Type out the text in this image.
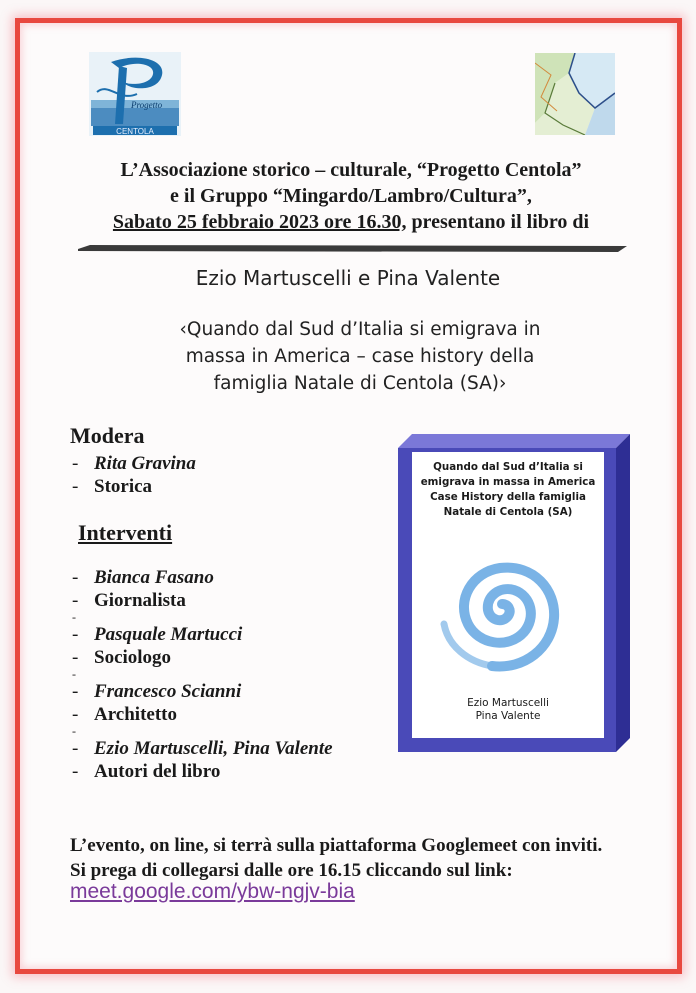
Progetto
CENTOLA
L’Associazione storico – culturale, “Progetto Centola”
e il Gruppo “Mingardo/Lambro/Cultura”,
Sabato 25 febbraio 2023 ore 16.30, presentano il libro di
Ezio Martuscelli e Pina Valente
‹Quando dal Sud d’Italia si emigrava in
massa in America – case history della
famiglia Natale di Centola (SA)›
Modera
- Rita Gravina
- Storica
Interventi
- Bianca Fasano
- Giornalista
-
- Pasquale Martucci
- Sociologo
-
- Francesco Scianni
- Architetto
-
- Ezio Martuscelli, Pina Valente
- Autori del libro
Quando dal Sud d’Italia si
emigrava in massa in America
Case History della famiglia
Natale di Centola (SA)
Ezio Martuscelli
Pina Valente
L’evento, on line, si terrà sulla piattaforma Googlemeet con inviti.
Si prega di collegarsi dalle ore 16.15 cliccando sul link:
meet.google.com/ybw-ngjv-bia
